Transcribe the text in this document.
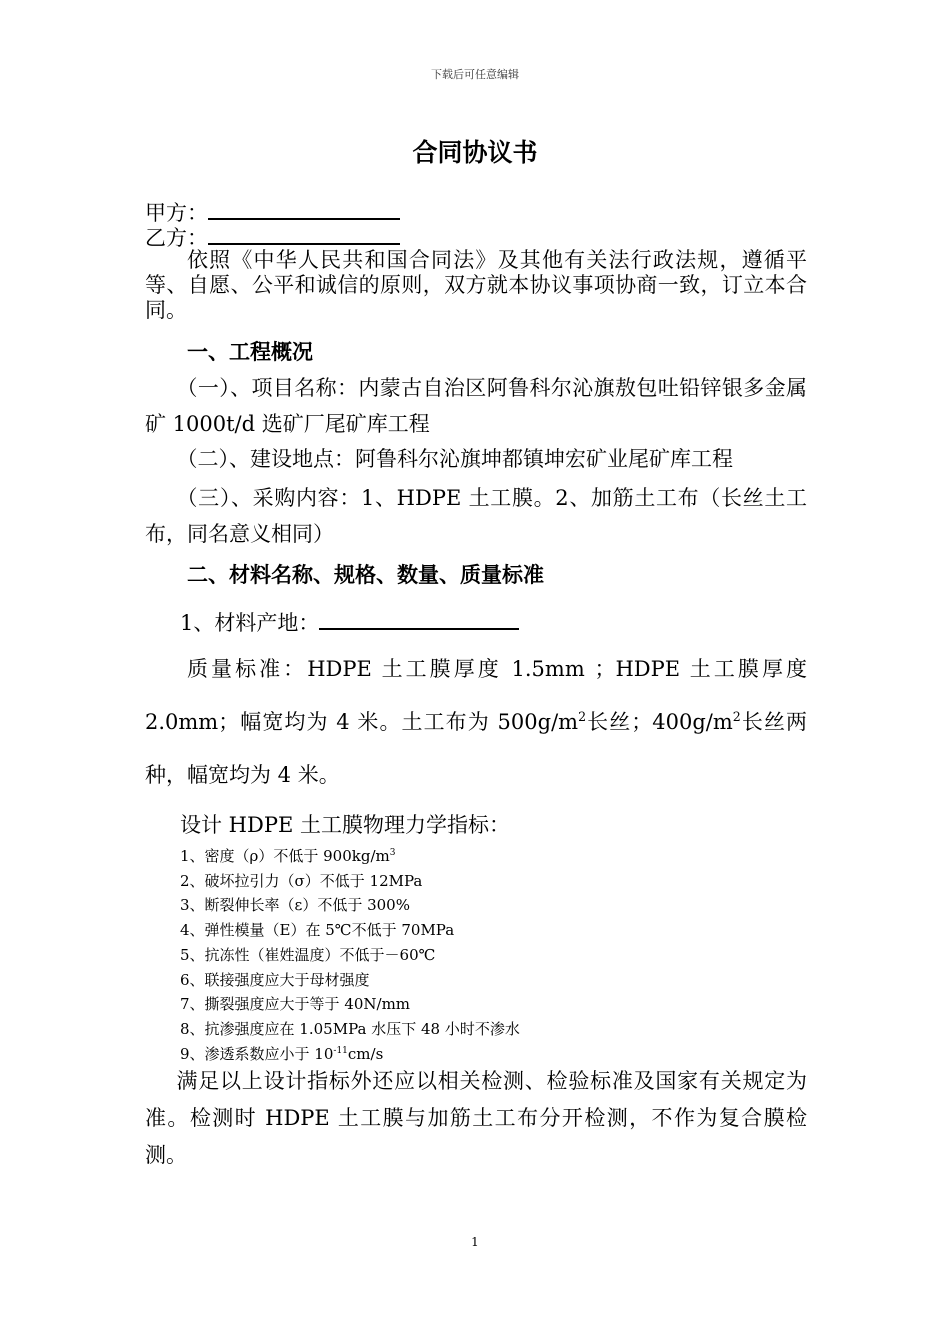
下载后可任意编辑
合同协议书
甲方：
乙方：

依照《中华人民共和国合同法》及其他有关法行政法规，遵循平等、自愿、公平和诚信的原则，双方就本协议事项协商一致，订立本合同。

一、工程概况

（一）、项目名称：内蒙古自治区阿鲁科尔沁旗敖包吐铅锌银多金属矿 1000t/d 选矿厂尾矿库工程

（二）、建设地点：阿鲁科尔沁旗坤都镇坤宏矿业尾矿库工程

（三）、采购内容：1、HDPE 土工膜。2、加筋土工布（长丝土工布，同名意义相同）

二、材料名称、规格、数量、质量标准
1、材料产地：

质量标准：HDPE 土工膜厚度 1.5mm ；HDPE 土工膜厚度 2.0mm；幅宽均为 4 米。土工布为 $500g/m^2$长丝；$400g/m^2$长丝两种，幅宽均为 4 米。

设计 HDPE 土工膜物理力学指标：
1、密度（ρ）不低于 $900kg/m^3$
2、破坏拉引力（σ）不低于 12MPa
3、断裂伸长率（ε）不低于 300%
4、弹性模量（E）在 5℃不低于 70MPa
5、抗冻性（崔姓温度）不低于－60℃
6、联接强度应大于母材强度
7、撕裂强度应大于等于 40N/mm
8、抗渗强度应在 1.05MPa 水压下 48 小时不渗水
9、渗透系数应小于 $10^{-11}cm/s$

满足以上设计指标外还应以相关检测、检验标准及国家有关规定为准。检测时 HDPE 土工膜与加筋土工布分开检测，不作为复合膜检测。

1
